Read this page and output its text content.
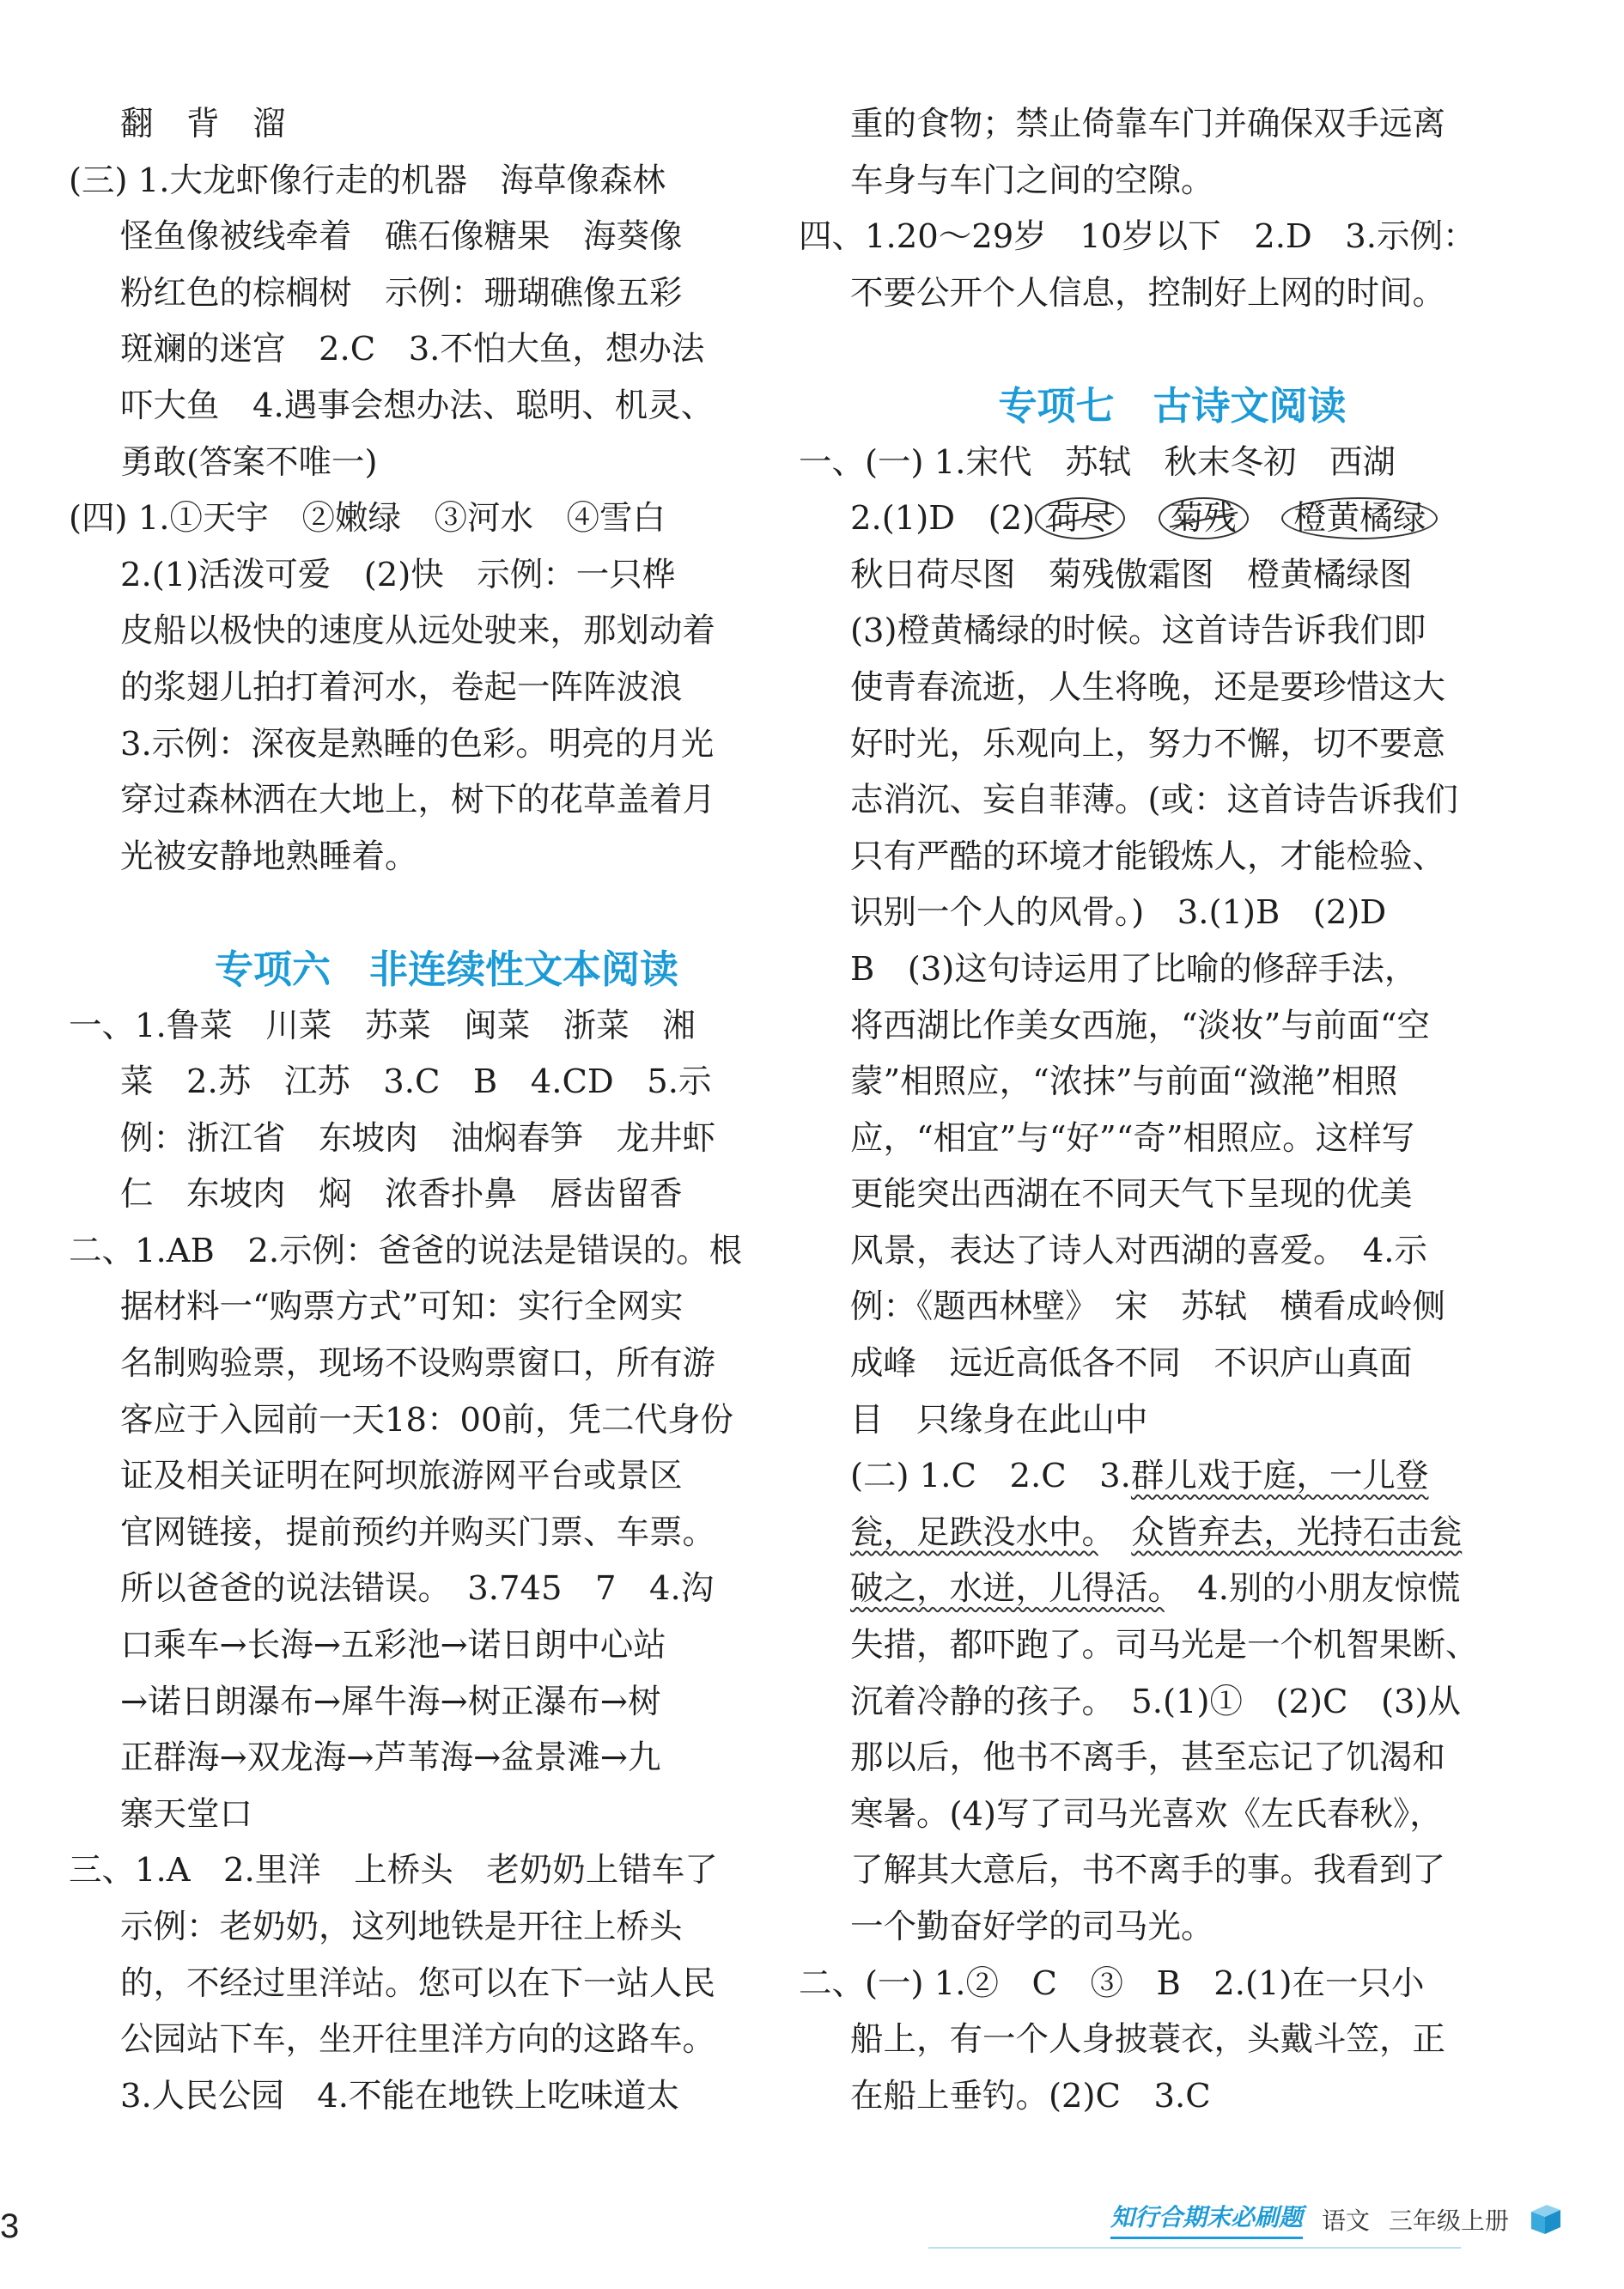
翻　背　溜
(三) 1.大龙虾像行走的机器　海草像森林
怪鱼像被线牵着　礁石像糖果　海葵像
粉红色的棕榈树　示例：珊瑚礁像五彩
斑斓的迷宫　2.C　3.不怕大鱼，想办法
吓大鱼　4.遇事会想办法、聪明、机灵、
勇敢(答案不唯一)
(四) 1.①天宇　②嫩绿　③河水　④雪白
2.(1)活泼可爱　(2)快　示例：一只桦
皮船以极快的速度从远处驶来，那划动着
的浆翅儿拍打着河水，卷起一阵阵波浪
3.示例：深夜是熟睡的色彩。明亮的月光
穿过森林洒在大地上，树下的花草盖着月
光被安静地熟睡着。
专项六　非连续性文本阅读
一、1.鲁菜　川菜　苏菜　闽菜　浙菜　湘
菜　2.苏　江苏　3.C　B　4.CD　5.示
例：浙江省　东坡肉　油焖春笋　龙井虾
仁　东坡肉　焖　浓香扑鼻　唇齿留香
二、1.AB　2.示例：爸爸的说法是错误的。根
据材料一“购票方式”可知：实行全网实
名制购验票，现场不设购票窗口，所有游
客应于入园前一天18：00前，凭二代身份
证及相关证明在阿坝旅游网平台或景区
官网链接，提前预约并购买门票、车票。
所以爸爸的说法错误。　3.745　7　4.沟
口乘车→长海→五彩池→诺日朗中心站
→诺日朗瀑布→犀牛海→树正瀑布→树
正群海→双龙海→芦苇海→盆景滩→九
寨天堂口
三、1.A　2.里洋　上桥头　老奶奶上错车了
示例：老奶奶，这列地铁是开往上桥头
的，不经过里洋站。您可以在下一站人民
公园站下车，坐开往里洋方向的这路车。
3.人民公园　4.不能在地铁上吃味道太
重的食物；禁止倚靠车门并确保双手远离
车身与车门之间的空隙。
四、1.20～29岁　10岁以下　2.D　3.示例：
不要公开个人信息，控制好上网的时间。
专项七　古诗文阅读
一、(一) 1.宋代　苏轼　秋末冬初　西湖
2.(1)D　(2) 荷尽　 菊残　 橙黄橘绿
秋日荷尽图　菊残傲霜图　橙黄橘绿图
(3)橙黄橘绿的时候。这首诗告诉我们即
使青春流逝，人生将晚，还是要珍惜这大
好时光，乐观向上，努力不懈，切不要意
志消沉、妄自菲薄。(或：这首诗告诉我们
只有严酷的环境才能锻炼人，才能检验、
识别一个人的风骨。)　3.(1)B　(2)D
B　(3)这句诗运用了比喻的修辞手法，
将西湖比作美女西施，“淡妆”与前面“空
蒙”相照应，“浓抹”与前面“潋滟”相照
应，“相宜”与“好”“奇”相照应。这样写
更能突出西湖在不同天气下呈现的优美
风景，表达了诗人对西湖的喜爱。　4.示
例：《题西林壁》　宋　苏轼　横看成岭侧
成峰　远近高低各不同　不识庐山真面
目　只缘身在此山中
(二) 1.C　2.C　3.群儿戏于庭，一儿登
瓮，足跌没水中。　 众皆弃去，光持石击瓮
破之，水迸，儿得活。　4.别的小朋友惊慌
失措，都吓跑了。司马光是一个机智果断、
沉着冷静的孩子。　5.(1)①　(2)C　(3)从
那以后，他书不离手，甚至忘记了饥渴和
寒暑。(4)写了司马光喜欢《左氏春秋》，
了解其大意后，书不离手的事。我看到了
一个勤奋好学的司马光。
二、(一) 1.②　C　③　B　2.(1)在一只小
船上，有一个人身披蓑衣，头戴斗笠，正
在船上垂钓。(2)C　3.C
3	知行合期末必刷题 语文 三年级上册
